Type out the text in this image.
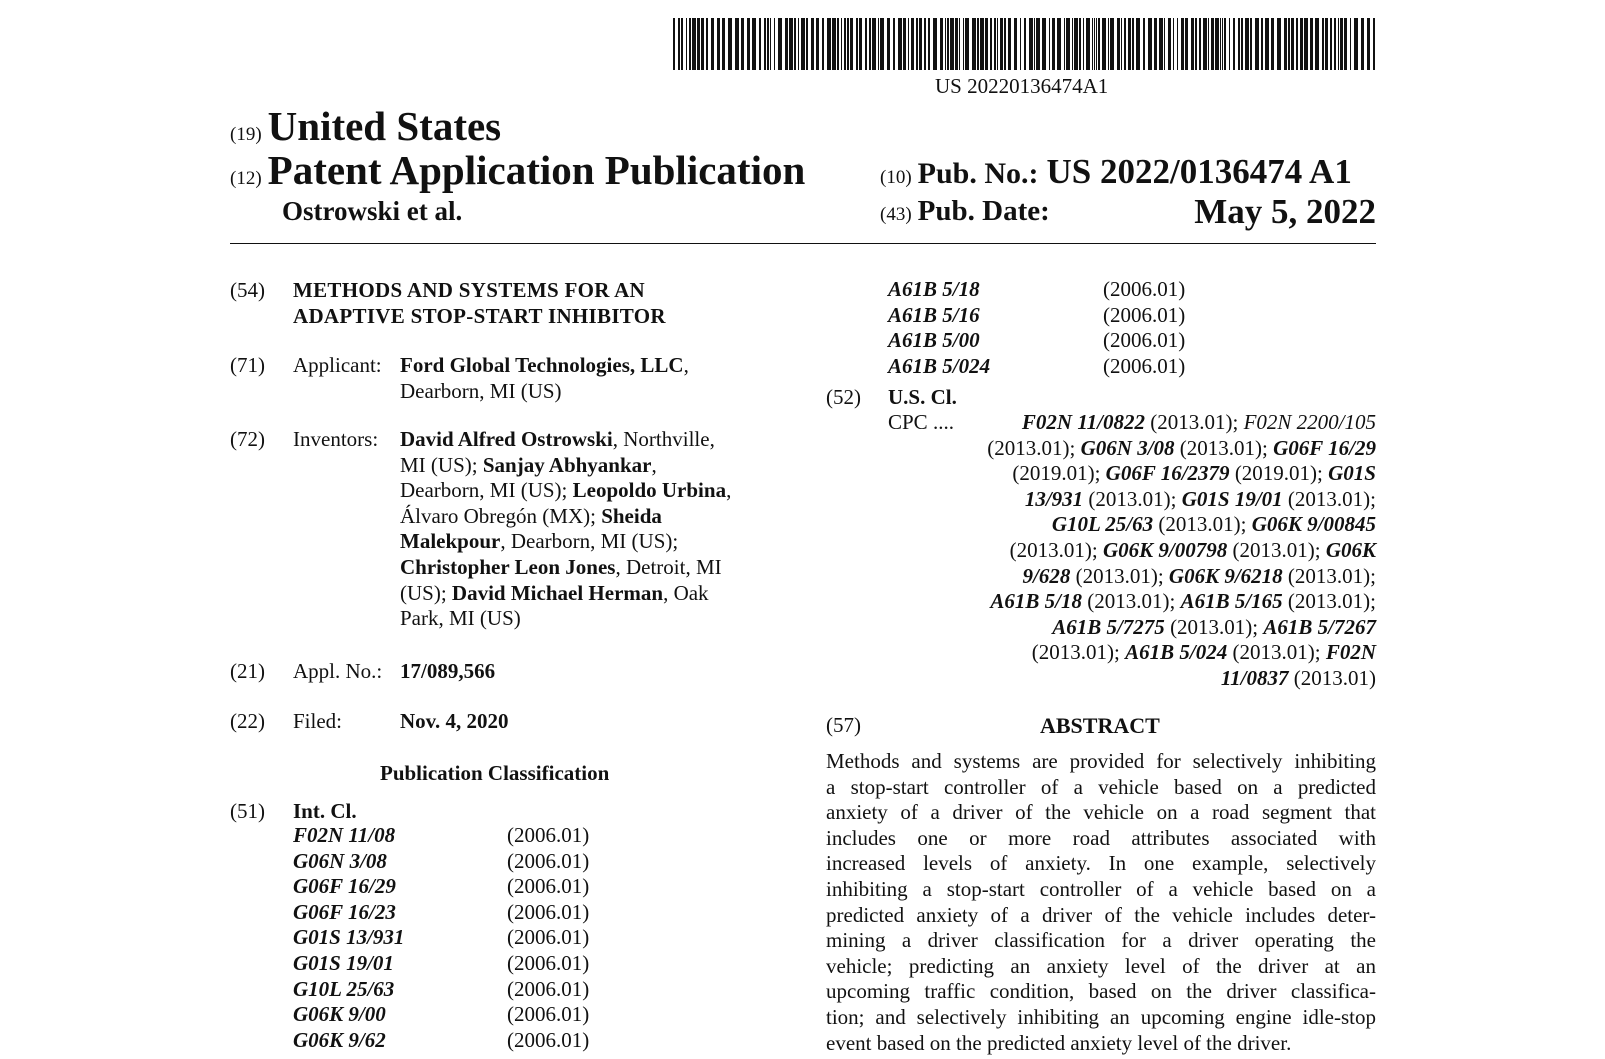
US 20220136474A1
(19) United States
(12) Patent Application Publication
Ostrowski et al.
(10) Pub. No.: US 2022/0136474 A1
(43) Pub. Date:	May 5, 2022
(54) METHODS AND SYSTEMS FOR AN
ADAPTIVE STOP-START INHIBITOR
(71) Applicant: Ford Global Technologies, LLC,
Dearborn, MI (US)
(72) Inventors: David Alfred Ostrowski, Northville,
MI (US); Sanjay Abhyankar,
Dearborn, MI (US); Leopoldo Urbina,
Álvaro Obregón (MX); Sheida
Malekpour, Dearborn, MI (US);
Christopher Leon Jones, Detroit, MI
(US); David Michael Herman, Oak
Park, MI (US)
(21) Appl. No.: 17/089,566
(22) Filed:	Nov. 4, 2020
Publication Classification
(51) Int. Cl.
F02N 11/08	(2006.01)
G06N 3/08	(2006.01)
G06F 16/29	(2006.01)
G06F 16/23	(2006.01)
G01S 13/931	(2006.01)
G01S 19/01	(2006.01)
G10L 25/63	(2006.01)
G06K 9/00	(2006.01)
G06K 9/62	(2006.01)
A61B 5/18	(2006.01)
A61B 5/16	(2006.01)
A61B 5/00	(2006.01)
A61B 5/024	(2006.01)
(52) U.S. Cl.
CPC ....	F02N 11/0822 (2013.01); F02N 2200/105
(2013.01); G06N 3/08 (2013.01); G06F 16/29
(2019.01); G06F 16/2379 (2019.01); G01S
13/931 (2013.01); G01S 19/01 (2013.01);
G10L 25/63 (2013.01); G06K 9/00845
(2013.01); G06K 9/00798 (2013.01); G06K
9/628 (2013.01); G06K 9/6218 (2013.01);
A61B 5/18 (2013.01); A61B 5/165 (2013.01);
A61B 5/7275 (2013.01); A61B 5/7267
(2013.01); A61B 5/024 (2013.01); F02N
11/0837 (2013.01)
(57)	ABSTRACT
Methods and systems are provided for selectively inhibiting
a stop-start controller of a vehicle based on a predicted
anxiety of a driver of the vehicle on a road segment that
includes one or more road attributes associated with
increased levels of anxiety. In one example, selectively
inhibiting a stop-start controller of a vehicle based on a
predicted anxiety of a driver of the vehicle includes deter-
mining a driver classification for a driver operating the
vehicle; predicting an anxiety level of the driver at an
upcoming traffic condition, based on the driver classifica-
tion; and selectively inhibiting an upcoming engine idle-stop
event based on the predicted anxiety level of the driver.
